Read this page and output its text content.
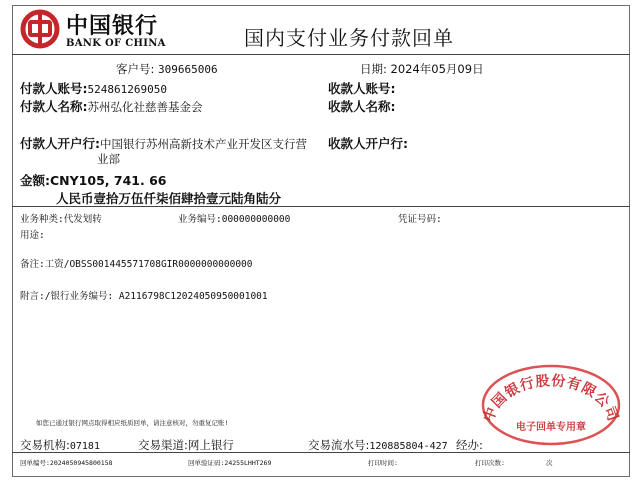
中国银行
BANK OF CHINA	国内支付业务付款回单
客户号: 309665006	日期: 2024年05月09日
付款人账号:524861269050	收款人账号:
付款人名称:苏州弘化社慈善基金会	收款人名称:
付款人开户行:中国银行苏州高新技术产业开发区支行营
业部
收款人开户行:
金额:CNY105, 741. 66
人民币壹拾万伍仟柒佰肆拾壹元陆角陆分
业务种类:代发划转	业务编号:000000000000	凭证号码:
用途:
备注:工资/OBSS001445571708GIR0000000000000
附言:/银行业务编号: A2116798C12024050950001001
中国银行股份有限公司
电子回单专用章
如您已通过银行网点取得相应纸质回单，请注意核对，勿重复记账!
交易机构:07181	交易渠道:网上银行	交易流水号:120885804-427 经办:
回单编号:2024050945800158	回单验证码:24255LHHT269	打印时间:	打印次数:	次
